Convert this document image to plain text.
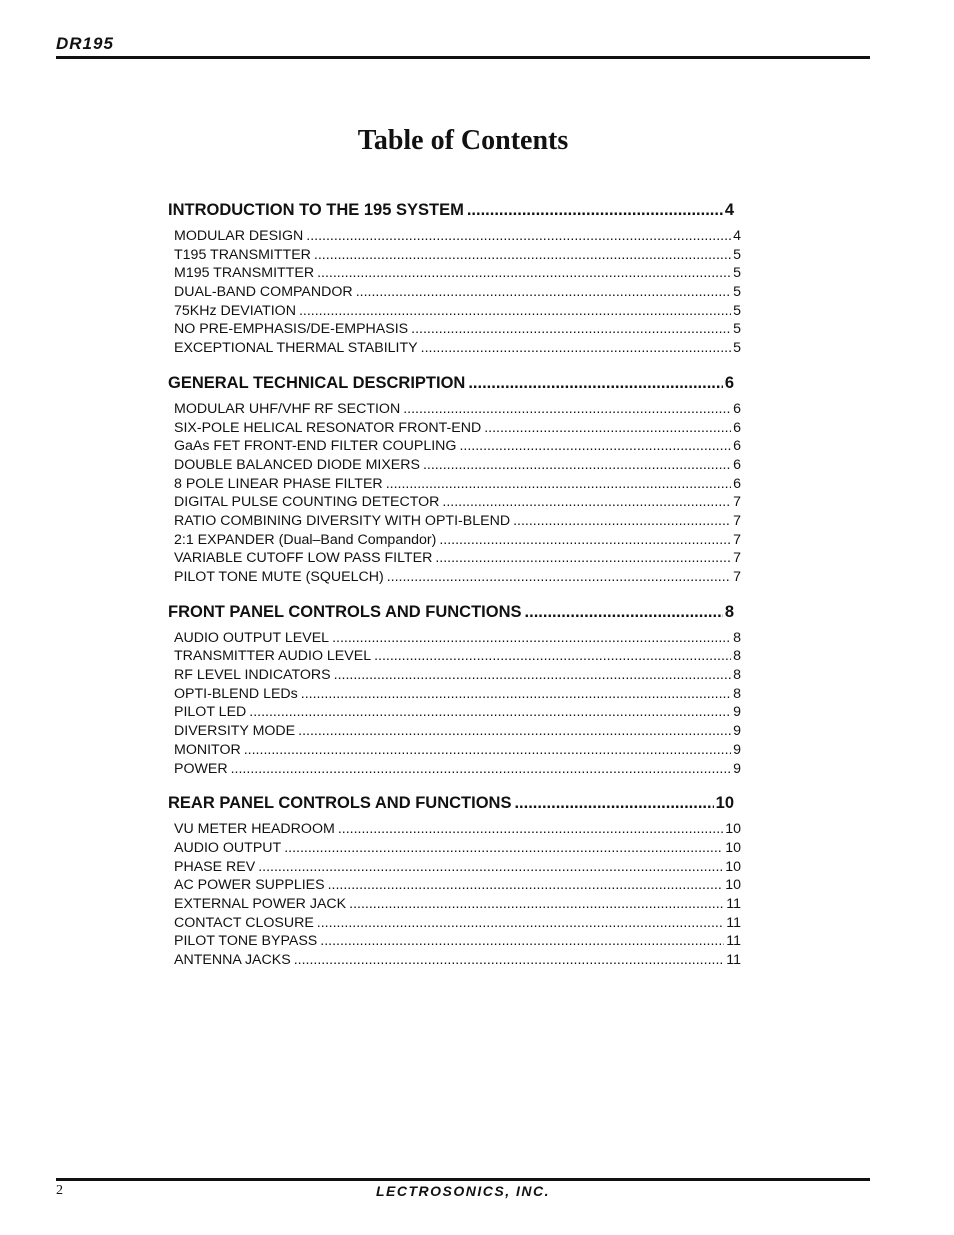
DR195
Table of Contents
INTRODUCTION TO THE 195 SYSTEM .....	4
MODULAR DESIGN .....	4
T195 TRANSMITTER .....	5
M195 TRANSMITTER .....	5
DUAL-BAND COMPANDOR .....	5
75KHz DEVIATION .....	5
NO PRE-EMPHASIS/DE-EMPHASIS .....	5
EXCEPTIONAL THERMAL STABILITY .....	5
GENERAL TECHNICAL DESCRIPTION .....	6
MODULAR UHF/VHF RF SECTION .....	6
SIX-POLE HELICAL RESONATOR FRONT-END .....	6
GaAs FET FRONT-END FILTER COUPLING .....	6
DOUBLE BALANCED DIODE MIXERS .....	6
8 POLE LINEAR PHASE FILTER .....	6
DIGITAL PULSE COUNTING DETECTOR .....	7
RATIO COMBINING DIVERSITY WITH OPTI-BLEND .....	7
2:1 EXPANDER (Dual–Band Compandor) .....	7
VARIABLE CUTOFF LOW PASS FILTER .....	7
PILOT TONE MUTE (SQUELCH) .....	7
FRONT PANEL CONTROLS AND FUNCTIONS .....	8
AUDIO OUTPUT LEVEL .....	8
TRANSMITTER AUDIO LEVEL .....	8
RF LEVEL INDICATORS .....	8
OPTI-BLEND LEDs .....	8
PILOT LED .....	9
DIVERSITY MODE .....	9
MONITOR .....	9
POWER .....	9
REAR PANEL CONTROLS AND FUNCTIONS .....	10
VU METER HEADROOM .....	10
AUDIO OUTPUT .....	10
PHASE REV .....	10
AC POWER SUPPLIES .....	10
EXTERNAL POWER JACK .....	11
CONTACT CLOSURE .....	11
PILOT TONE BYPASS .....	11
ANTENNA JACKS .....	11
2	LECTROSONICS, INC.
